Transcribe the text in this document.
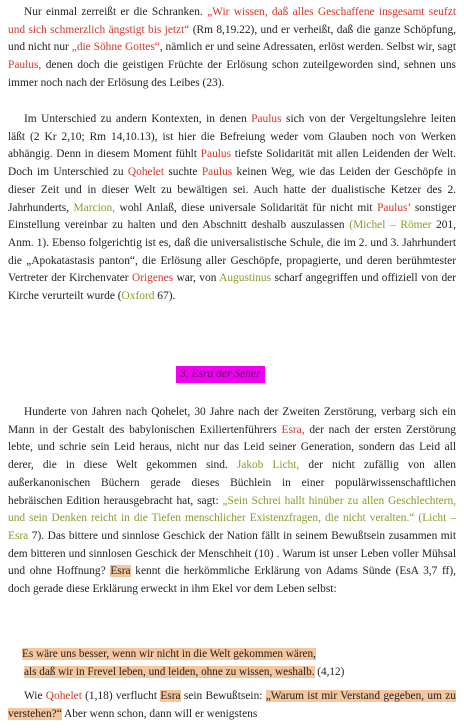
Nur einmal zerreißt er die Schranken. „Wir wissen, daß alles Geschaffene insgesamt seufzt und sich schmerzlich ängstigt bis jetzt“ (Rm 8,19.22), und er verheißt, daß die ganze Schöpfung, und nicht nur „die Söhne Gottes“, nämlich er und seine Adressaten, erlöst werden. Selbst wir, sagt Paulus, denen doch die geistigen Früchte der Erlösung schon zuteilgeworden sind, sehnen uns immer noch nach der Erlösung des Leibes (23).

Im Unterschied zu andern Kontexten, in denen Paulus sich von der Vergeltungslehre leiten läßt (2 Kr 2,10; Rm 14,10.13), ist hier die Befreiung weder vom Glauben noch von Werken abhängig. Denn in diesem Moment fühlt Paulus tiefste Solidarität mit allen Leidenden der Welt. Doch im Unterschied zu Qohelet suchte Paulus keinen Weg, wie das Leiden der Geschöpfe in dieser Zeit und in dieser Welt zu bewältigen sei. Auch hatte der dualistische Ketzer des 2. Jahrhunderts, Marcion, wohl Anlaß, diese universale Solidarität für nicht mit Paulus’ sonstiger Einstellung vereinbar zu halten und den Abschnitt deshalb auszulassen (Michel – Römer 201, Anm. 1). Ebenso folgerichtig ist es, daß die universalistische Schule, die im 2. und 3. Jahrhundert die „Apokatastasis panton“, die Erlösung aller Geschöpfe, propagierte, und deren berühmtester Vertreter der Kirchenvater Origenes war, von Augustinus scharf angegriffen und offiziell von der Kirche verurteilt wurde (Oxford 67).

3. Esra der Seher

Hunderte von Jahren nach Qohelet, 30 Jahre nach der Zweiten Zerstörung, verbarg sich ein Mann in der Gestalt des babylonischen Exiliertenführers Esra, der nach der ersten Zerstörung lebte, und schrie sein Leid heraus, nicht nur das Leid seiner Generation, sondern das Leid all derer, die in diese Welt gekommen sind. Jakob Licht, der nicht zufällig von allen außerkanonischen Büchern gerade dieses Büchlein in einer populärwissenschaftlichen hebräischen Edition herausgebracht hat, sagt: „Sein Schrei hallt hinüber zu allen Geschlechtern, und sein Denken reicht in die Tiefen menschlicher Existenzfragen, die nicht veralten.“ (Licht – Esra 7). Das bittere und sinnlose Geschick der Nation fällt in seinem Bewußtsein zusammen mit dem bitteren und sinnlosen Geschick der Menschheit (10) . Warum ist unser Leben voller Mühsal und ohne Hoffnung? Esra kennt die herkömmliche Erklärung von Adams Sünde (EsA 3,7 ff), doch gerade diese Erklärung erweckt in ihm Ekel vor dem Leben selbst:

Es wäre uns besser, wenn wir nicht in die Welt gekommen wären,
als daß wir in Frevel leben, und leiden, ohne zu wissen, weshalb. (4,12)

Wie Qohelet (1,18) verflucht Esra sein Bewußtsein: „Warum ist mir Verstand gegeben, um zu verstehen?“ Aber wenn schon, dann will er wenigstens
